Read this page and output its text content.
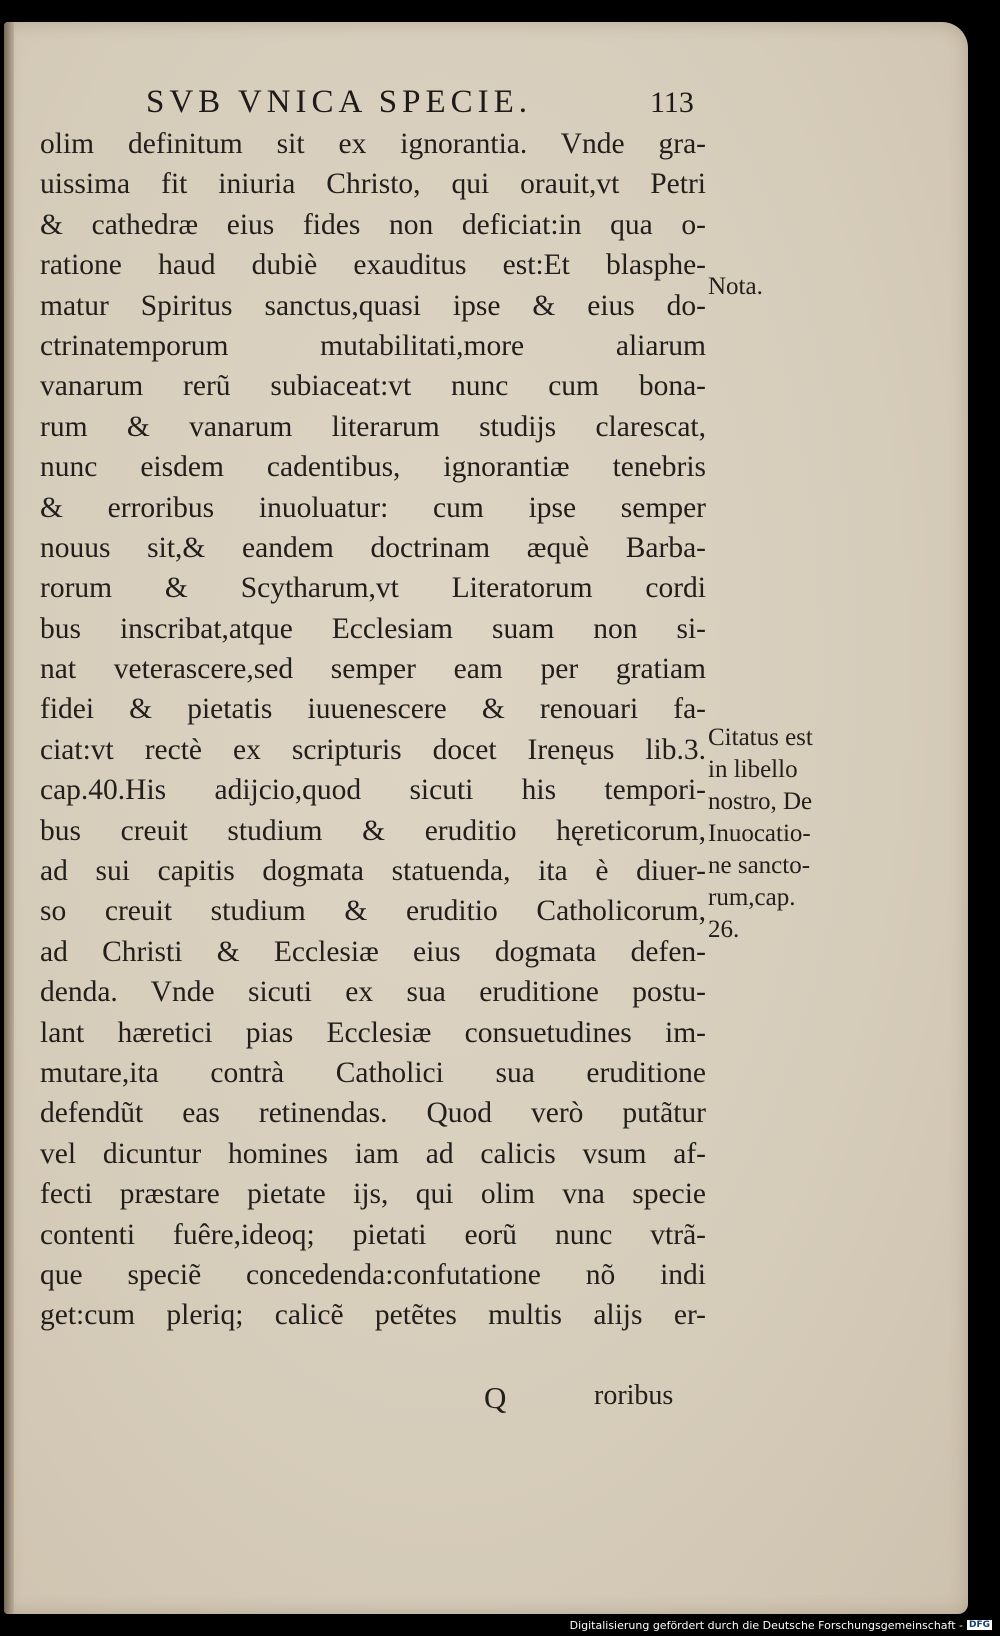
SVB VNICA SPECIE.	113
olim definitum sit ex ignorantia. Vnde gra-
uissima fit iniuria Christo, qui orauit,vt Petri
& cathedræ eius fides non deficiat:in qua o-
ratione haud dubiè exauditus est:Et blasphe-
matur Spiritus sanctus,quasi ipse & eius do-
ctrinatemporum mutabilitati,more aliarum
vanarum rerũ subiaceat:vt nunc cum bona-
rum & vanarum literarum studijs clarescat,
nunc eisdem cadentibus, ignorantiæ tenebris
& erroribus inuoluatur: cum ipse semper
nouus sit,& eandem doctrinam æquè Barba-
rorum & Scytharum,vt Literatorum cordi
bus inscribat,atque Ecclesiam suam non si-
nat veterascere,sed semper eam per gratiam
fidei & pietatis iuuenescere & renouari fa-
ciat:vt rectè ex scripturis docet Irenęus lib.3.
cap.40.His adijcio,quod sicuti his tempori-
bus creuit studium & eruditio hęreticorum,
ad sui capitis dogmata statuenda, ita è diuer-
so creuit studium & eruditio Catholicorum,
ad Christi & Ecclesiæ eius dogmata defen-
denda. Vnde sicuti ex sua eruditione postu-
lant hæretici pias Ecclesiæ consuetudines im-
mutare,ita contrà Catholici sua eruditione
defendũt eas retinendas. Quod verò putãtur
vel dicuntur homines iam ad calicis vsum af-
fecti præstare pietate ijs, qui olim vna specie
contenti fuêre,ideoq; pietati eorũ nunc vtrã-
que speciẽ concedenda:confutatione nõ indi
get:cum pleriq; calicẽ petẽtes multis alijs er-
Nota.
Citatus est
in libello
nostro, De
Inuocatio-
ne sancto-
rum,cap.
26.
Q	roribus
Digitalisierung gefördert durch die Deutsche Forschungsgemeinschaft - DFG
